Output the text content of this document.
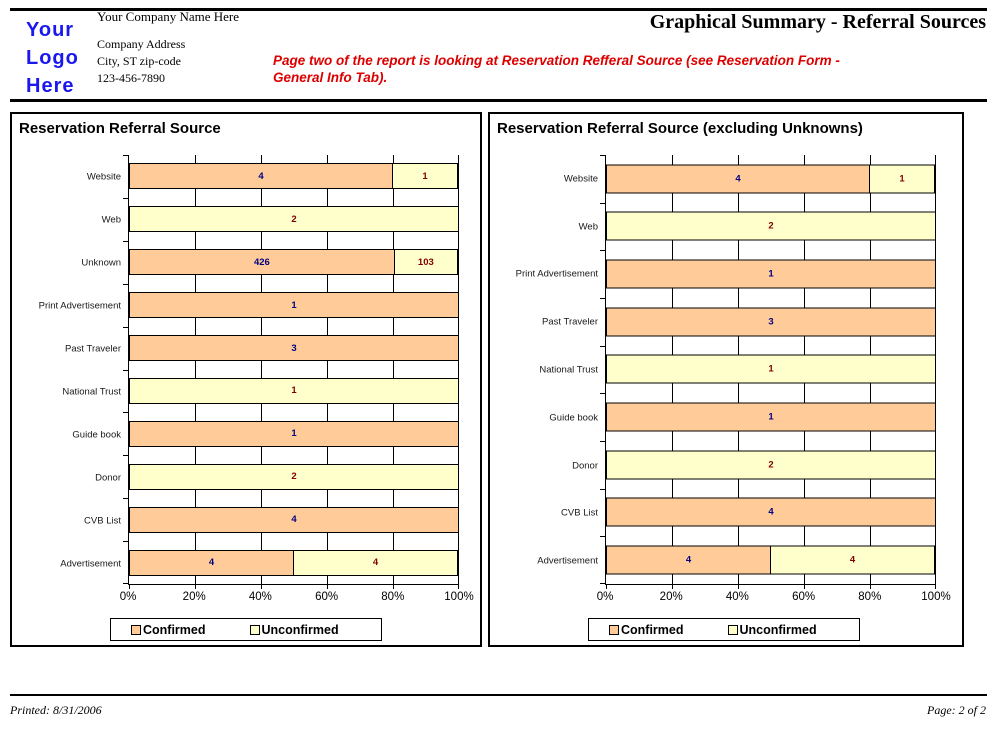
Your
Logo
Here
Your Company Name Here
Company Address
City, ST zip-code
123-456-7890
Graphical Summary - Referral Sources
Page two of the report is looking at Reservation Refferal Source (see Reservation Form -
General Info Tab).
Reservation Referral Source
Website
Web
Unknown
Print Advertisement
Past Traveler
National Trust
Guide book
Donor
CVB List
Advertisement
4	1
2
426	103
1
3
1
1
2
4
4	4
0%	20%	40%	60%	80%	100%
Confirmed	Unconfirmed
Reservation Referral Source (excluding Unknowns)
Website
Web
Print Advertisement
Past Traveler
National Trust
Guide book
Donor
CVB List
Advertisement
4	1
2
1
3
1
1
2
4
4	4
0%	20%	40%	60%	80%	100%
Confirmed	Unconfirmed
Printed: 8/31/2006	Page: 2 of 2
